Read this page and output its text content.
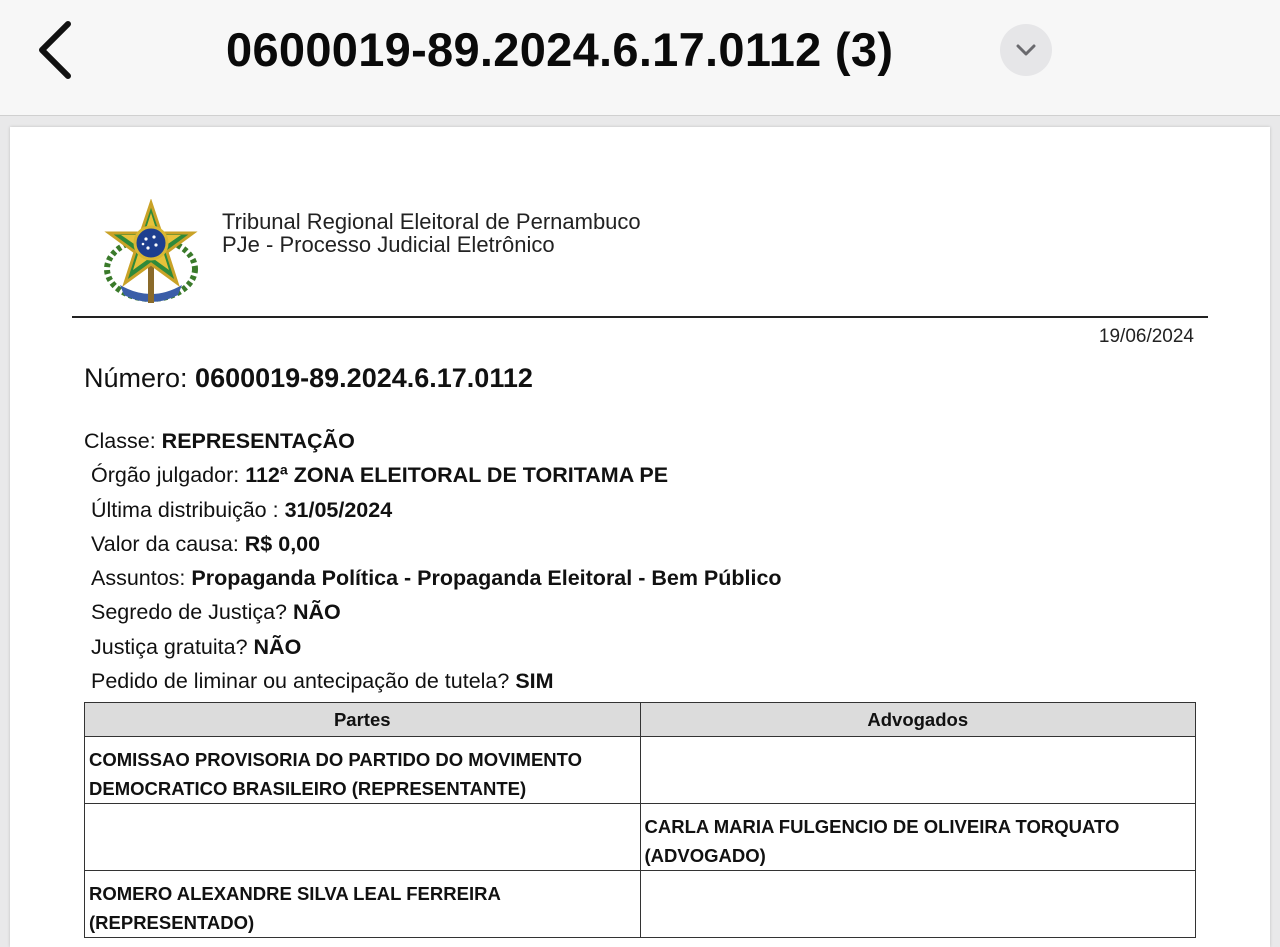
0600019-89.2024.6.17.0112 (3)
Tribunal Regional Eleitoral de Pernambuco
PJe - Processo Judicial Eletrônico
19/06/2024
Número: 0600019-89.2024.6.17.0112
Classe: REPRESENTAÇÃO
Órgão julgador: 112ª ZONA ELEITORAL DE TORITAMA PE
Última distribuição : 31/05/2024
Valor da causa: R$ 0,00
Assuntos: Propaganda Política - Propaganda Eleitoral - Bem Público
Segredo de Justiça? NÃO
Justiça gratuita? NÃO
Pedido de liminar ou antecipação de tutela? SIM
Partes	Advogados
COMISSAO PROVISORIA DO PARTIDO DO MOVIMENTO DEMOCRATICO BRASILEIRO (REPRESENTANTE)	
	CARLA MARIA FULGENCIO DE OLIVEIRA TORQUATO (ADVOGADO)
ROMERO ALEXANDRE SILVA LEAL FERREIRA (REPRESENTADO)	
